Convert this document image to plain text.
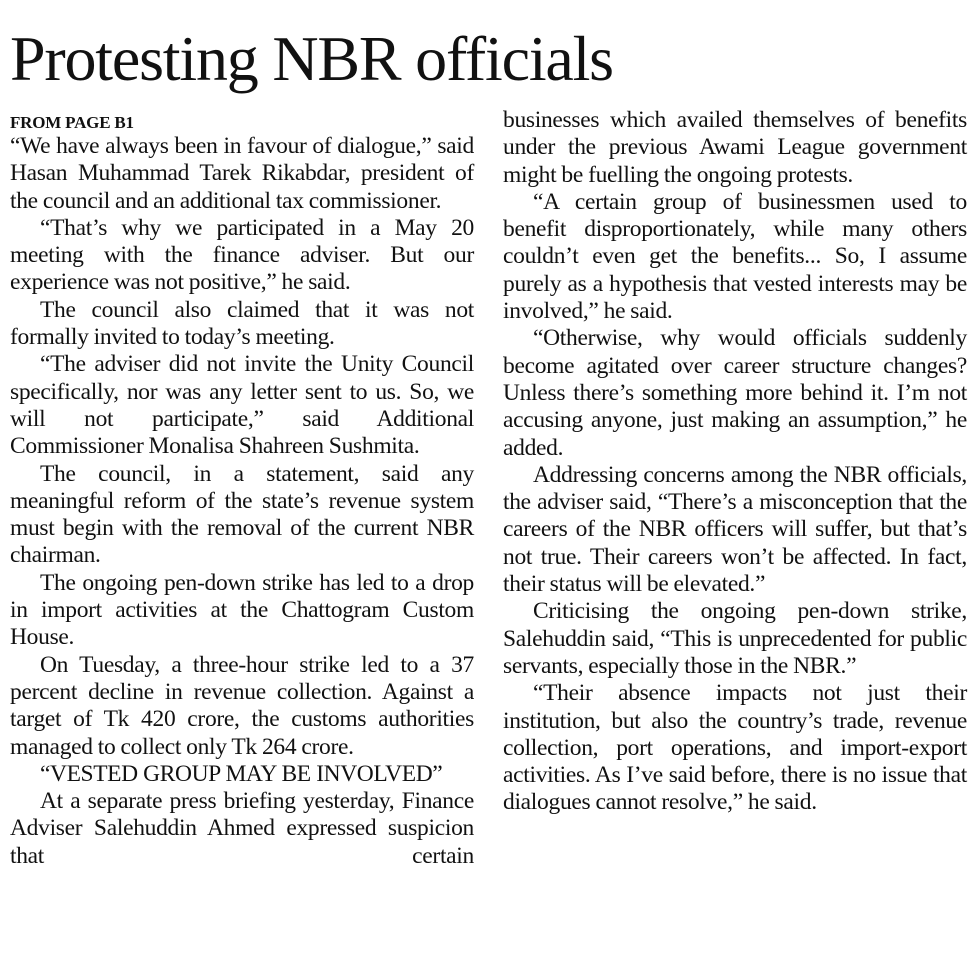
Protesting NBR officials

FROM PAGE B1

“We have always been in favour of dialogue,” said Hasan Muhammad Tarek Rikabdar, president of the council and an additional tax commissioner.

“That’s why we participated in a May 20 meeting with the finance adviser. But our experience was not positive,” he said.

The council also claimed that it was not formally invited to today’s meeting.

“The adviser did not invite the Unity Council specifically, nor was any letter sent to us. So, we will not participate,” said Additional Commissioner Monalisa Shahreen Sushmita.

The council, in a statement, said any meaningful reform of the state’s revenue system must begin with the removal of the current NBR chairman.

The ongoing pen-down strike has led to a drop in import activities at the Chattogram Custom House.

On Tuesday, a three-hour strike led to a 37 percent decline in revenue collection. Against a target of Tk 420 crore, the customs authorities managed to collect only Tk 264 crore.

“VESTED GROUP MAY BE INVOLVED”

At a separate press briefing yesterday, Finance Adviser Salehuddin Ahmed expressed suspicion that certain

businesses which availed themselves of benefits under the previous Awami League government might be fuelling the ongoing protests.

“A certain group of businessmen used to benefit disproportionately, while many others couldn’t even get the benefits... So, I assume purely as a hypothesis that vested interests may be involved,” he said.

“Otherwise, why would officials suddenly become agitated over career structure changes? Unless there’s something more behind it. I’m not accusing anyone, just making an assumption,” he added.

Addressing concerns among the NBR officials, the adviser said, “There’s a misconception that the careers of the NBR officers will suffer, but that’s not true. Their careers won’t be affected. In fact, their status will be elevated.”

Criticising the ongoing pen-down strike, Salehuddin said, “This is unprecedented for public servants, especially those in the NBR.”

“Their absence impacts not just their institution, but also the country’s trade, revenue collection, port operations, and import-export activities. As I’ve said before, there is no issue that dialogues cannot resolve,” he said.
